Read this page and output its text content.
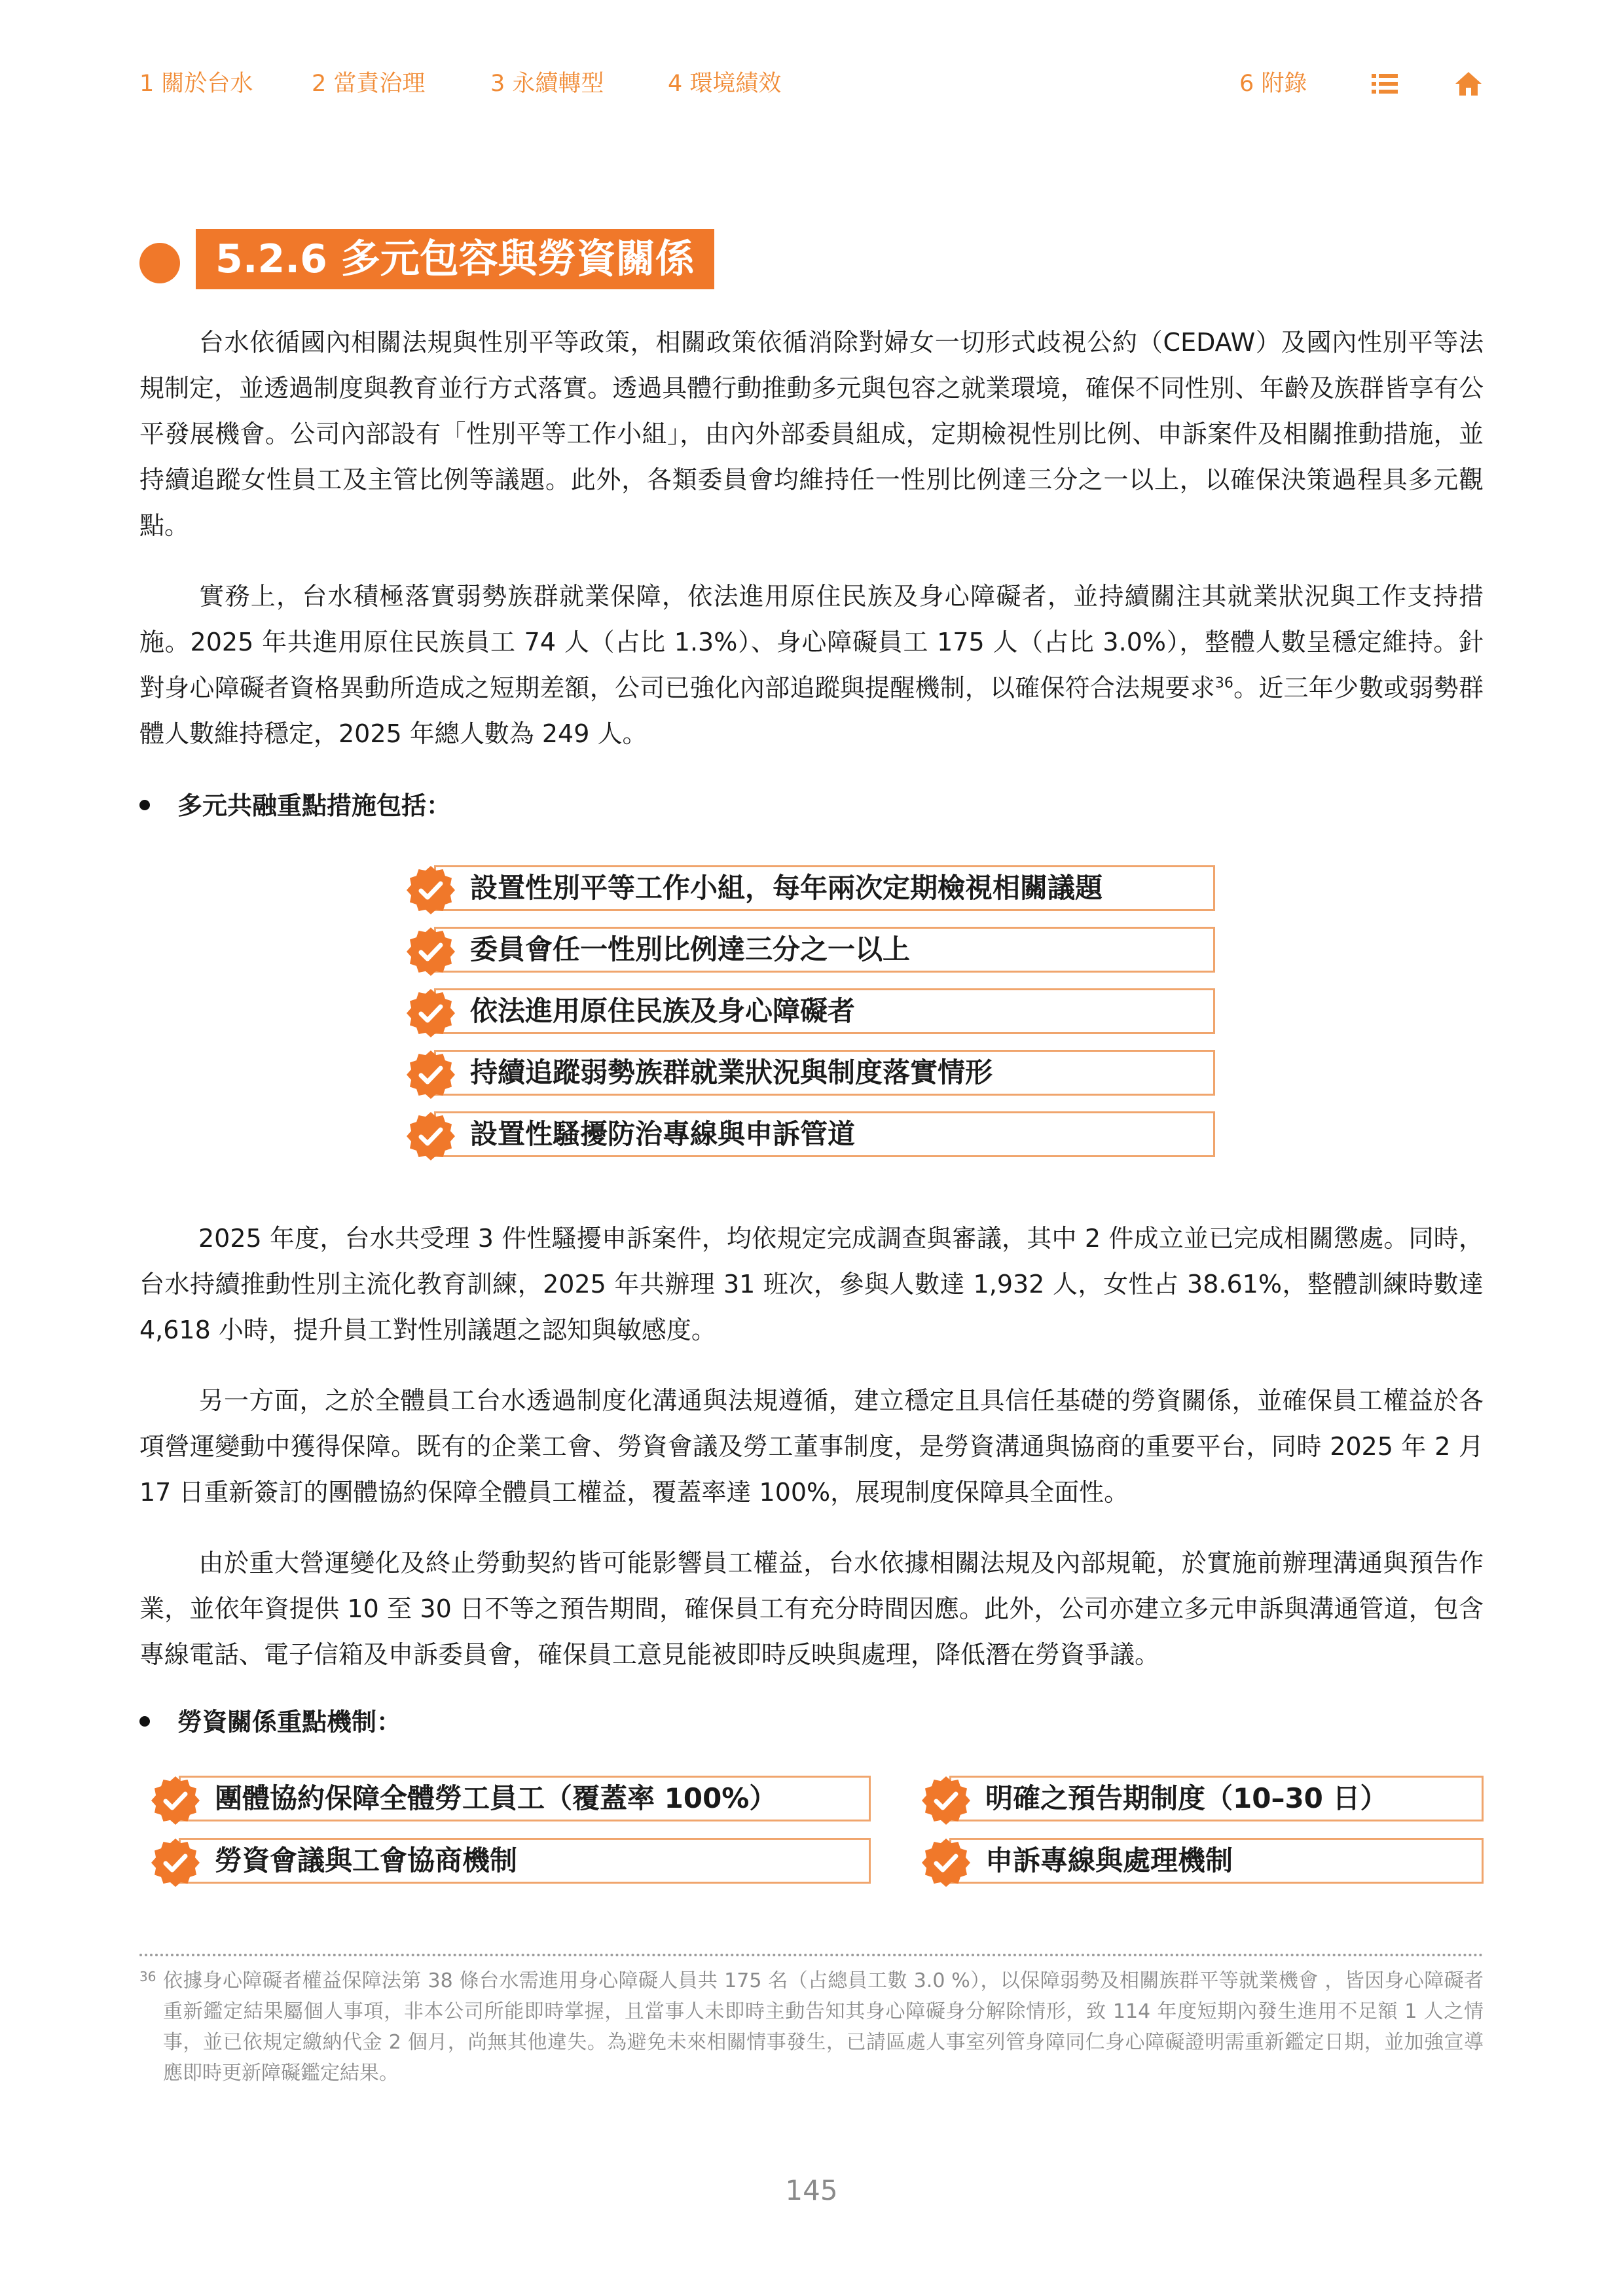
1 關於台水	2 當責治理	3 永續轉型	4 環境績效	6 附錄
5.2.6 多元包容與勞資關係

台水依循國內相關法規與性別平等政策，相關政策依循消除對婦女一切形式歧視公約（CEDAW）及國內性別平等法規制定，並透過制度與教育並行方式落實。透過具體行動推動多元與包容之就業環境，確保不同性別、年齡及族群皆享有公平發展機會。公司內部設有「性別平等工作小組」，由內外部委員組成，定期檢視性別比例、申訴案件及相關推動措施，並持續追蹤女性員工及主管比例等議題。此外，各類委員會均維持任一性別比例達三分之一以上，以確保決策過程具多元觀點。

實務上，台水積極落實弱勢族群就業保障，依法進用原住民族及身心障礙者，並持續關注其就業狀況與工作支持措施。2025 年共進用原住民族員工 74 人（占比 1.3%）、身心障礙員工 175 人（占比 3.0%），整體人數呈穩定維持。針對身心障礙者資格異動所造成之短期差額，公司已強化內部追蹤與提醒機制，以確保符合法規要求$^{36}$。近三年少數或弱勢群體人數維持穩定，2025 年總人數為 249 人。

多元共融重點措施包括：
設置性別平等工作小組，每年兩次定期檢視相關議題
委員會任一性別比例達三分之一以上
依法進用原住民族及身心障礙者
持續追蹤弱勢族群就業狀況與制度落實情形
設置性騷擾防治專線與申訴管道

2025 年度，台水共受理 3 件性騷擾申訴案件，均依規定完成調查與審議，其中 2 件成立並已完成相關懲處。同時，台水持續推動性別主流化教育訓練，2025 年共辦理 31 班次，參與人數達 1,932 人，女性占 38.61%，整體訓練時數達 4,618 小時，提升員工對性別議題之認知與敏感度。

另一方面，之於全體員工台水透過制度化溝通與法規遵循，建立穩定且具信任基礎的勞資關係，並確保員工權益於各項營運變動中獲得保障。既有的企業工會、勞資會議及勞工董事制度，是勞資溝通與協商的重要平台，同時 2025 年 2 月 17 日重新簽訂的團體協約保障全體員工權益，覆蓋率達 100%，展現制度保障具全面性。

由於重大營運變化及終止勞動契約皆可能影響員工權益，台水依據相關法規及內部規範，於實施前辦理溝通與預告作業，並依年資提供 10 至 30 日不等之預告期間，確保員工有充分時間因應。此外，公司亦建立多元申訴與溝通管道，包含專線電話、電子信箱及申訴委員會，確保員工意見能被即時反映與處理，降低潛在勞資爭議。

勞資關係重點機制：
團體協約保障全體勞工員工（覆蓋率 100%）	明確之預告期制度（10–30 日）
勞資會議與工會協商機制	申訴專線與處理機制
36 依據身心障礙者權益保障法第 38 條台水需進用身心障礙人員共 175 名（占總員工數 3.0 %），以保障弱勢及相關族群平等就業機會 ，皆因身心障礙者重新鑑定結果屬個人事項，非本公司所能即時掌握，且當事人未即時主動告知其身心障礙身分解除情形，致 114 年度短期內發生進用不足額 1 人之情事，並已依規定繳納代金 2 個月，尚無其他違失。為避免未來相關情事發生，已請區處人事室列管身障同仁身心障礙證明需重新鑑定日期，並加強宣導應即時更新障礙鑑定結果。
145
